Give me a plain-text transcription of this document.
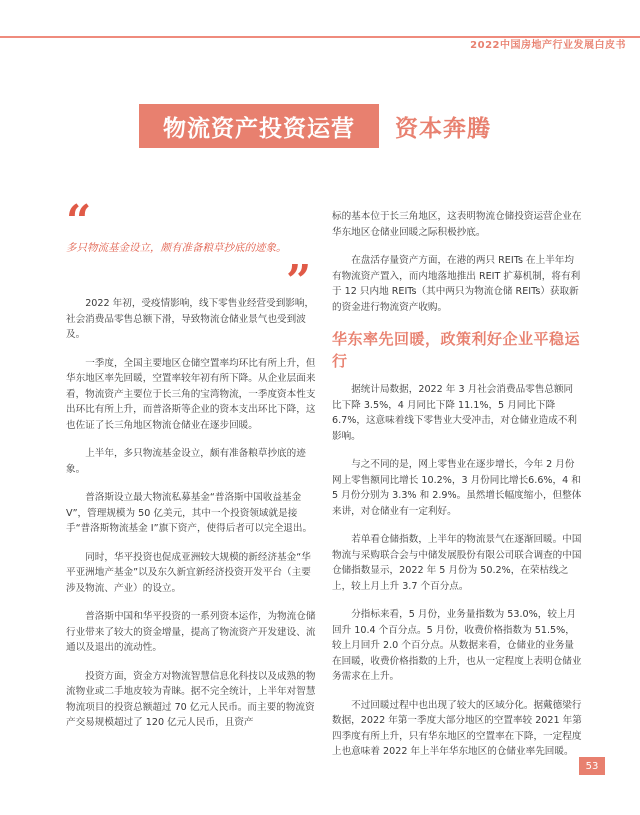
2022中国房地产行业发展白皮书
物流资产投资运营	资本奔腾
“
多只物流基金设立，颇有准备粮草抄底的迹象。
”

2022 年初，受疫情影响，线下零售业经营受到影响，社会消费品零售总额下滑，导致物流仓储业景气也受到波及。

一季度，全国主要地区仓储空置率均环比有所上升，但华东地区率先回暖，空置率较年初有所下降。从企业层面来看，物流资产主要位于长三角的宝湾物流，一季度资本性支出环比有所上升，而普洛斯等企业的资本支出环比下降，这也佐证了长三角地区物流仓储业在逐步回暖。

上半年，多只物流基金设立，颇有准备粮草抄底的迹象。

普洛斯设立最大物流私募基金“普洛斯中国收益基金 V”，管理规模为 50 亿美元，其中一个投资领域就是接手“普洛斯物流基金 I”旗下资产，使得后者可以完全退出。

同时，华平投资也促成亚洲较大规模的新经济基金“华平亚洲地产基金”以及东久新宜新经济投资开发平台（主要涉及物流、产业）的设立。

普洛斯中国和华平投资的一系列资本运作，为物流仓储行业带来了较大的资金增量，提高了物流资产开发建设、流通以及退出的流动性。

投资方面，资金方对物流智慧信息化科技以及成熟的物流物业或二手地皮较为青睐。据不完全统计，上半年对智慧物流项目的投资总额超过 70 亿元人民币。而主要的物流资产交易规模超过了 120 亿元人民币，且资产

标的基本位于长三角地区，这表明物流仓储投资运营企业在华东地区仓储业回暖之际积极抄底。

在盘活存量资产方面，在港的两只 REITs 在上半年均有物流资产置入，而内地落地推出 REIT 扩募机制，将有利于 12 只内地 REITs（其中两只为物流仓储 REITs）获取新的资金进行物流资产收购。

华东率先回暖，政策利好企业平稳运行

据统计局数据，2022 年 3 月社会消费品零售总额同比下降 3.5%，4 月同比下降 11.1%，5 月同比下降 6.7%，这意味着线下零售业大受冲击，对仓储业造成不利影响。

与之不同的是，网上零售业在逐步增长，今年 2 月份网上零售额同比增长 10.2%，3 月份同比增长6.6%，4 和 5 月份分别为 3.3% 和 2.9%。虽然增长幅度缩小，但整体来讲，对仓储业有一定利好。

若单看仓储指数，上半年的物流景气在逐渐回暖。中国物流与采购联合会与中储发展股份有限公司联合调查的中国仓储指数显示，2022 年 5 月份为 50.2%，在荣枯线之上，较上月上升 3.7 个百分点。

分指标来看，5 月份，业务量指数为 53.0%，较上月回升 10.4 个百分点。5 月份，收费价格指数为 51.5%，较上月回升 2.0 个百分点。从数据来看，仓储业的业务量在回暖，收费价格指数的上升，也从一定程度上表明仓储业务需求在上升。

不过回暖过程中也出现了较大的区域分化。据戴德梁行数据，2022 年第一季度大部分地区的空置率较 2021 年第四季度有所上升，只有华东地区的空置率在下降，一定程度上也意味着 2022 年上半年华东地区的仓储业率先回暖。

53
